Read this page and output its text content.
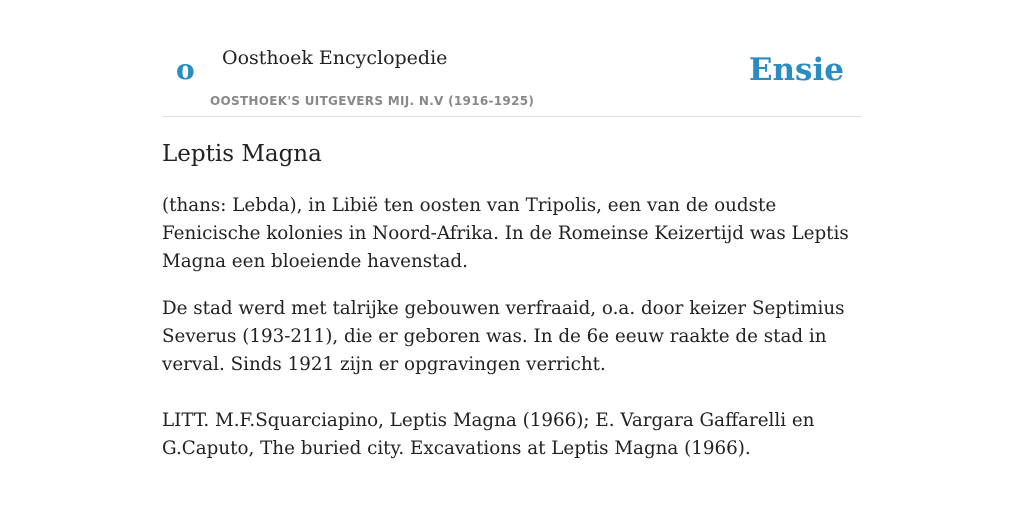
o Oosthoek Encyclopedie
OOSTHOEK'S UITGEVERS MIJ. N.V (1916-1925)
Ensie
Leptis Magna

(thans: Lebda), in Libië ten oosten van Tripolis, een van de oudste Fenicische kolonies in Noord-Afrika. In de Romeinse Keizertijd was Leptis Magna een bloeiende havenstad.

De stad werd met talrijke gebouwen verfraaid, o.a. door keizer Septimius Severus (193-211), die er geboren was. In de 6e eeuw raakte de stad in verval. Sinds 1921 zijn er opgravingen verricht.

LITT. M.F.Squarciapino, Leptis Magna (1966); E. Vargara Gaffarelli en G.Caputo, The buried city. Excavations at Leptis Magna (1966).
